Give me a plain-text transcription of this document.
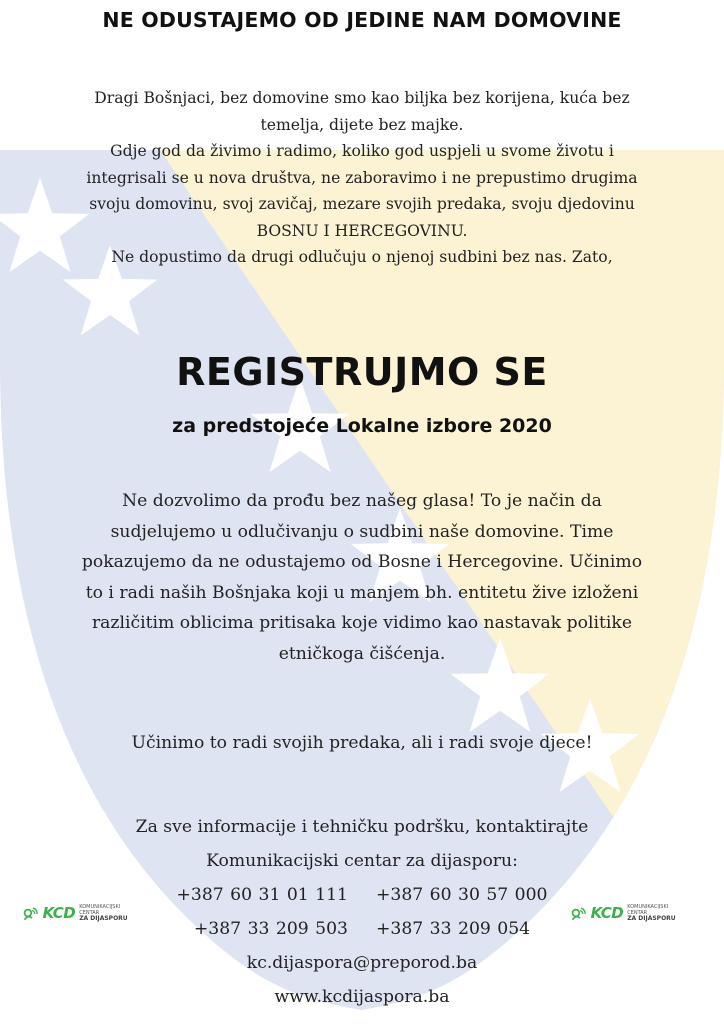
NE ODUSTAJEMO OD JEDINE NAM DOMOVINE
Dragi Bošnjaci, bez domovine smo kao biljka bez korijena, kuća bez
temelja, dijete bez majke.
Gdje god da živimo i radimo, koliko god uspjeli u svome životu i
integrisali se u nova društva, ne zaboravimo i ne prepustimo drugima
svoju domovinu, svoj zavičaj, mezare svojih predaka, svoju djedovinu
BOSNU I HERCEGOVINU.
Ne dopustimo da drugi odlučuju o njenoj sudbini bez nas. Zato,
REGISTRUJMO SE
za predstojeće Lokalne izbore 2020
Ne dozvolimo da prođu bez našeg glasa! To je način da
sudjelujemo u odlučivanju o sudbini naše domovine. Time
pokazujemo da ne odustajemo od Bosne i Hercegovine. Učinimo
to i radi naših Bošnjaka koji u manjem bh. entitetu žive izloženi
različitim oblicima pritisaka koje vidimo kao nastavak politike
etničkoga čišćenja.
Učinimo to radi svojih predaka, ali i radi svoje djece!
Za sve informacije i tehničku podršku, kontaktirajte
Komunikacijski centar za dijasporu:
+387 60 31 01 111 +387 60 30 57 000
+387 33 209 503 +387 33 209 054
kc.dijaspora@preporod.ba
www.kcdijaspora.ba
KCD KOMUNIKACIJSKI CENTAR
ZA DIJASPORU	KCD KOMUNIKACIJSKI CENTAR
ZA DIJASPORU
